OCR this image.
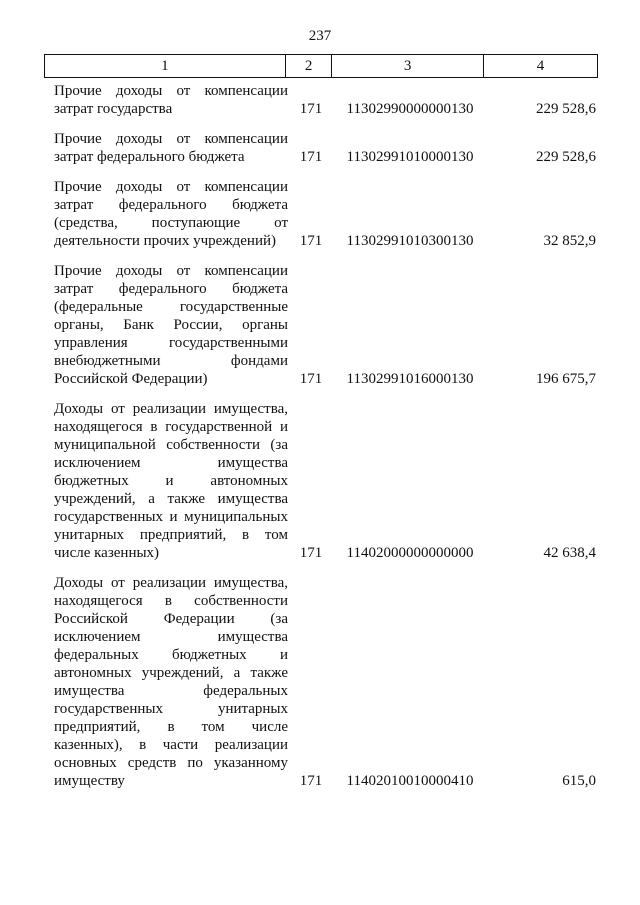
237
1	2	3	4
Прочие доходы от компенсации затрат государства	171	11302990000000130	229 528,6
Прочие доходы от компенсации затрат федерального бюджета	171	11302991010000130	229 528,6
Прочие доходы от компенсации затрат федерального бюджета (средства, поступающие от деятельности прочих учреждений)	171	11302991010300130	32 852,9
Прочие доходы от компенсации затрат федерального бюджета (федеральные государственные органы, Банк России, органы управления государственными внебюджетными фондами Российской Федерации)	171	11302991016000130	196 675,7
Доходы от реализации имущества, находящегося в государственной и муниципальной собственности (за исключением имущества бюджетных и автономных учреждений, а также имущества государственных и муниципальных унитарных предприятий, в том числе казенных)	171	11402000000000000	42 638,4
Доходы от реализации имущества, находящегося в собственности Российской Федерации (за исключением имущества федеральных бюджетных и автономных учреждений, а также имущества федеральных государственных унитарных предприятий, в том числе казенных), в части реализации основных средств по указанному имуществу	171	11402010010000410	615,0
